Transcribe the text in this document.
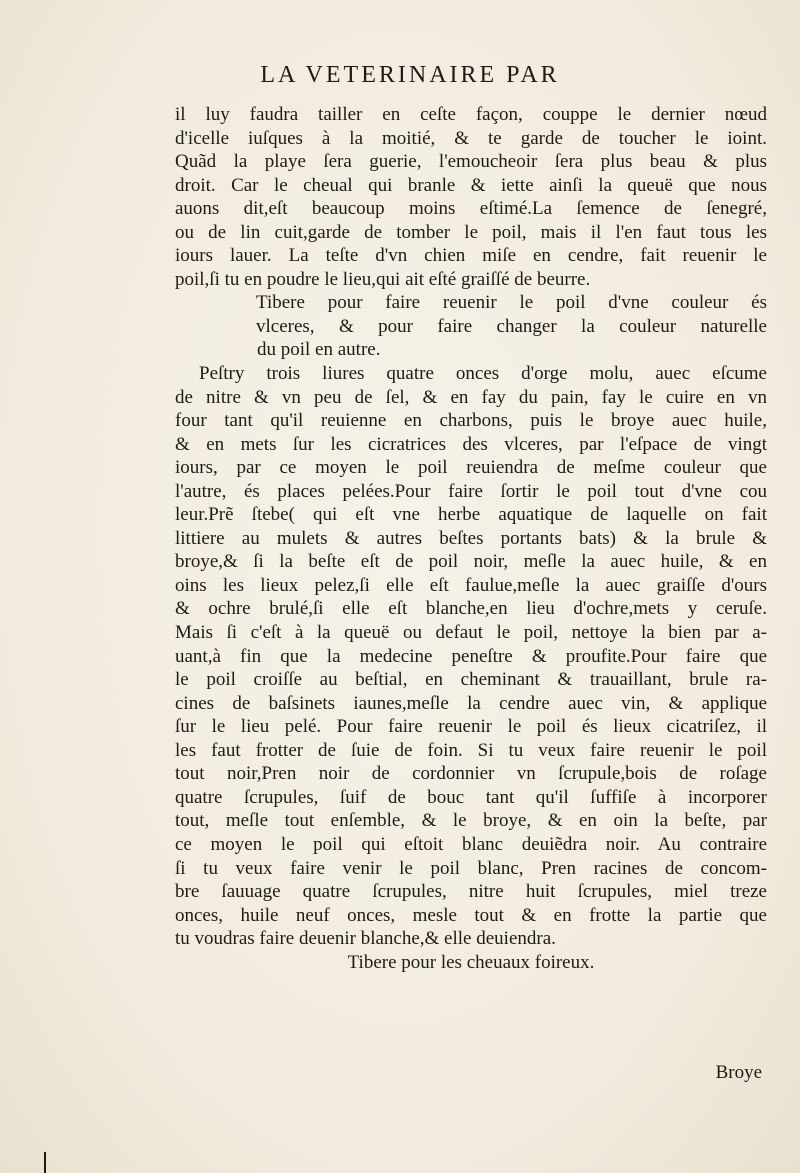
LA VETERINAIRE PAR
il luy faudra tailler en ceſte façon, couppe le dernier nœud
d'icelle iuſques à la moitié, & te garde de toucher le ioint.
Quãd la playe ſera guerie, l'emoucheoir ſera plus beau & plus
droit. Car le cheual qui branle & iette ainſi la queuë que nous
auons dit,eſt beaucoup moins eſtimé.La ſemence de ſenegré,
ou de lin cuit,garde de tomber le poil, mais il l'en faut tous les
iours lauer. La teſte d'vn chien miſe en cendre, fait reuenir le
poil,ſi tu en poudre le lieu,qui ait eſté graiſſé de beurre.
Tibere pour faire reuenir le poil d'vne couleur és
vlceres, & pour faire changer la couleur naturelle
du poil en autre.
Peſtry trois liures quatre onces d'orge molu, auec eſcume
de nitre & vn peu de ſel, & en fay du pain, fay le cuire en vn
four tant qu'il reuienne en charbons, puis le broye auec huile,
& en mets ſur les cicratrices des vlceres, par l'eſpace de vingt
iours, par ce moyen le poil reuiendra de meſme couleur que
l'autre, és places pelées.Pour faire ſortir le poil tout d'vne cou
leur.Prẽ ſtebe( qui eſt vne herbe aquatique de laquelle on fait
littiere au mulets & autres beſtes portants bats) & la brule &
broye,& ſi la beſte eſt de poil noir, meſle la auec huile, & en
oins les lieux pelez,ſi elle eſt faulue,meſle la auec graiſſe d'ours
& ochre brulé,ſi elle eſt blanche,en lieu d'ochre,mets y ceruſe.
Mais ſi c'eſt à la queuë ou defaut le poil, nettoye la bien par a-
uant,à fin que la medecine peneſtre & proufite.Pour faire que
le poil croiſſe au beſtial, en cheminant & trauaillant, brule ra-
cines de baſsinets iaunes,meſle la cendre auec vin, & applique
ſur le lieu pelé. Pour faire reuenir le poil és lieux cicatriſez, il
les faut frotter de ſuie de foin. Si tu veux faire reuenir le poil
tout noir,Pren noir de cordonnier vn ſcrupule,bois de roſage
quatre ſcrupules, ſuif de bouc tant qu'il ſuffiſe à incorporer
tout, meſle tout enſemble, & le broye, & en oin la beſte, par
ce moyen le poil qui eſtoit blanc deuiẽdra noir. Au contraire
ſi tu veux faire venir le poil blanc, Pren racines de concom-
bre ſauuage quatre ſcrupules, nitre huit ſcrupules, miel treze
onces, huile neuf onces, mesle tout & en frotte la partie que
tu voudras faire deuenir blanche,& elle deuiendra.
Tibere pour les cheuaux foireux.
Broye
